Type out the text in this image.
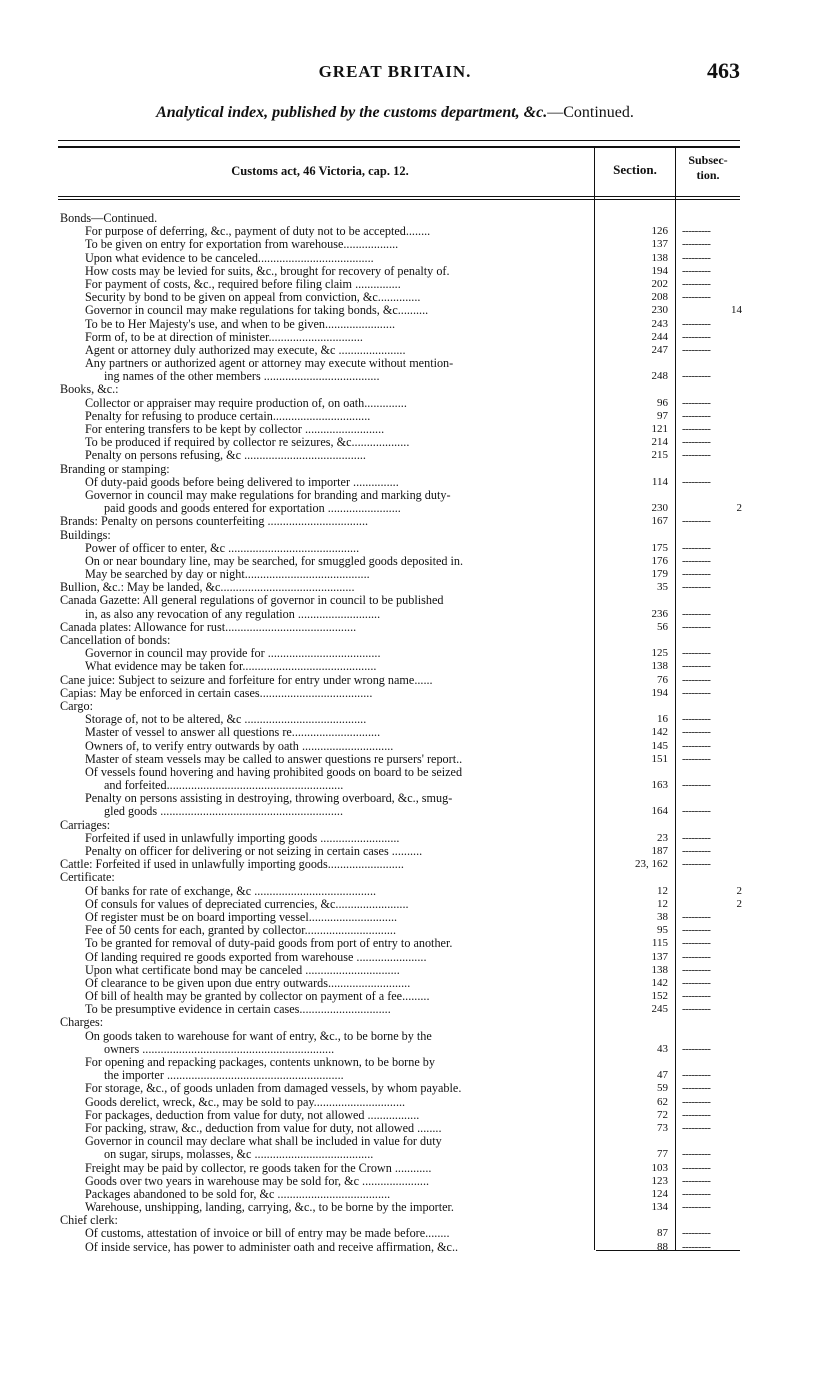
GREAT BRITAIN.	463
Analytical index, published by the customs department, &c.—Continued.
Customs act, 46 Victoria, cap. 12.	Section.
Subsec-
tion.
Bonds—Continued.
For purpose of deferring, &c., payment of duty not to be accepted........	126 ---------
To be given on entry for exportation from warehouse..................	137 ---------
Upon what evidence to be canceled......................................	138 ---------
How costs may be levied for suits, &c., brought for recovery of penalty of.	194 ---------
For payment of costs, &c., required before filing claim ...............	202 ---------
Security by bond to be given on appeal from conviction, &c..............	208 ---------
Governor in council may make regulations for taking bonds, &c..........	230	14
To be to Her Majesty's use, and when to be given.......................	243 ---------
Form of, to be at direction of minister...............................	244 ---------
Agent or attorney duly authorized may execute, &c ......................	247 ---------
Any partners or authorized agent or attorney may execute without mention-
ing names of the other members ......................................	248 ---------
Books, &c.:
Collector or appraiser may require production of, on oath..............	96 ---------
Penalty for refusing to produce certain................................	97 ---------
For entering transfers to be kept by collector ..........................	121 ---------
To be produced if required by collector re seizures, &c...................	214 ---------
Penalty on persons refusing, &c ........................................	215 ---------
Branding or stamping:
Of duty-paid goods before being delivered to importer ...............	114 ---------
Governor in council may make regulations for branding and marking duty-
paid goods and goods entered for exportation ........................	230	2
Brands: Penalty on persons counterfeiting .................................	167 ---------
Buildings:
Power of officer to enter, &c ...........................................	175 ---------
On or near boundary line, may be searched, for smuggled goods deposited in.	176 ---------
May be searched by day or night.........................................	179 ---------
Bullion, &c.: May be landed, &c............................................	35 ---------
Canada Gazette: All general regulations of governor in council to be published
in, as also any revocation of any regulation ...........................	236 ---------
Canada plates: Allowance for rust...........................................	56 ---------
Cancellation of bonds:
Governor in council may provide for .....................................	125 ---------
What evidence may be taken for............................................	138 ---------
Cane juice: Subject to seizure and forfeiture for entry under wrong name......	76 ---------
Capias: May be enforced in certain cases.....................................	194 ---------
Cargo:
Storage of, not to be altered, &c ........................................	16 ---------
Master of vessel to answer all questions re.............................	142 ---------
Owners of, to verify entry outwards by oath ..............................	145 ---------
Master of steam vessels may be called to answer questions re pursers' report..	151 ---------
Of vessels found hovering and having prohibited goods on board to be seized
and forfeited..........................................................	163 ---------
Penalty on persons assisting in destroying, throwing overboard, &c., smug-
gled goods ............................................................	164 ---------
Carriages:
Forfeited if used in unlawfully importing goods ..........................	23 ---------
Penalty on officer for delivering or not seizing in certain cases ..........	187 ---------
Cattle: Forfeited if used in unlawfully importing goods.........................	23, 162 ---------
Certificate:
Of banks for rate of exchange, &c ........................................	12	2
Of consuls for values of depreciated currencies, &c........................	12	2
Of register must be on board importing vessel.............................	38 ---------
Fee of 50 cents for each, granted by collector..............................	95 ---------
To be granted for removal of duty-paid goods from port of entry to another.	115 ---------
Of landing required re goods exported from warehouse .......................	137 ---------
Upon what certificate bond may be canceled ...............................	138 ---------
Of clearance to be given upon due entry outwards...........................	142 ---------
Of bill of health may be granted by collector on payment of a fee.........	152 ---------
To be presumptive evidence in certain cases..............................	245 ---------
Charges:
On goods taken to warehouse for want of entry, &c., to be borne by the
owners ...............................................................	43 ---------
For opening and repacking packages, contents unknown, to be borne by
the importer ..........................................................	47 ---------
For storage, &c., of goods unladen from damaged vessels, by whom payable.	59 ---------
Goods derelict, wreck, &c., may be sold to pay..............................	62 ---------
For packages, deduction from value for duty, not allowed .................	72 ---------
For packing, straw, &c., deduction from value for duty, not allowed ........	73 ---------
Governor in council may declare what shall be included in value for duty
on sugar, sirups, molasses, &c .......................................	77 ---------
Freight may be paid by collector, re goods taken for the Crown ............	103 ---------
Goods over two years in warehouse may be sold for, &c ......................	123 ---------
Packages abandoned to be sold for, &c .....................................	124 ---------
Warehouse, unshipping, landing, carrying, &c., to be borne by the importer.	134 ---------
Chief clerk:
Of customs, attestation of invoice or bill of entry may be made before........	87 ---------
Of inside service, has power to administer oath and receive affirmation, &c..	88 ---------
